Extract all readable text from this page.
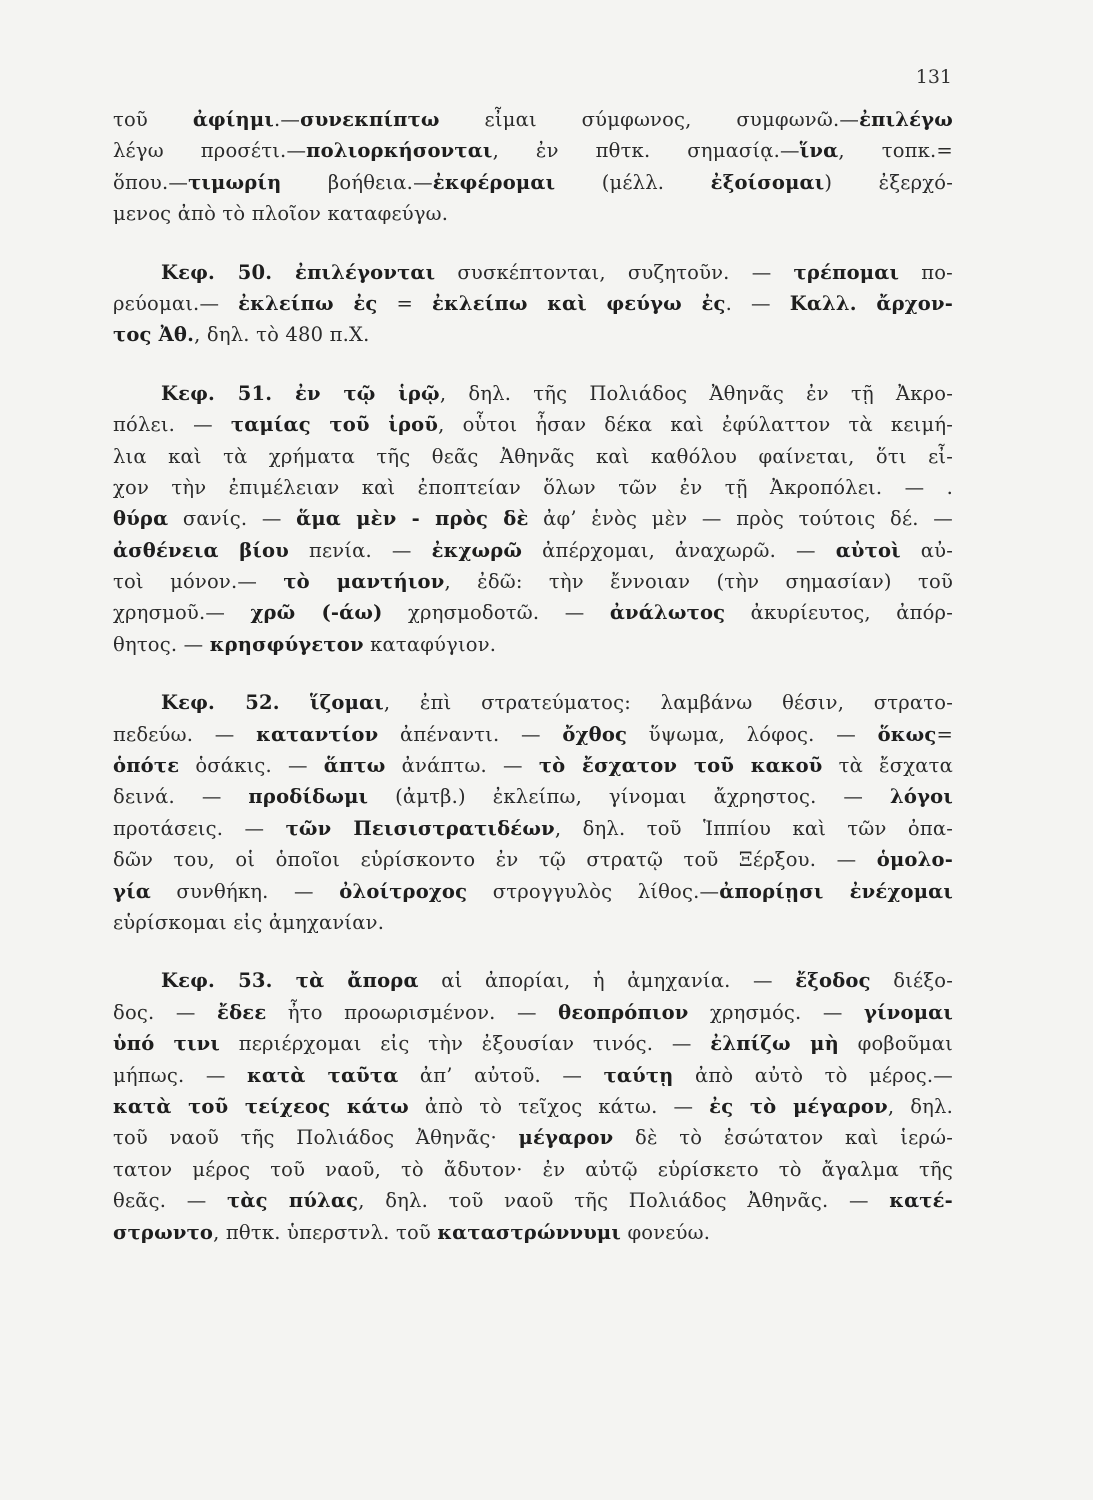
131
τοῦ ἀφίημι.—συνεκπίπτω εἶμαι σύμφωνος, συμφωνῶ.—ἐπιλέγω
λέγω προσέτι.—πολιορκήσονται, ἐν πθτκ. σημασίᾳ.—ἵνα, τοπκ.=
ὅπου.—τιμωρίη βοήθεια.—ἐκφέρομαι (μέλλ. ἐξοίσομαι) ἐξερχό-
μενος ἀπὸ τὸ πλοῖον καταφεύγω.
Κεφ. 50. ἐπιλέγονται συσκέπτονται, συζητοῦν. — τρέπομαι πο-
ρεύομαι.— ἐκλείπω ἐς = ἐκλείπω καὶ φεύγω ἐς. — Καλλ. ἄρχον-
τος Ἀθ., δηλ. τὸ 480 π.Χ.
Κεφ. 51. ἐν τῷ ἱρῷ, δηλ. τῆς Πολιάδος Ἀθηνᾶς ἐν τῇ Ἀκρο-
πόλει. — ταμίας τοῦ ἱροῦ, οὗτοι ἦσαν δέκα καὶ ἐφύλαττον τὰ κειμή-
λια καὶ τὰ χρήματα τῆς θεᾶς Ἀθηνᾶς καὶ καθόλου φαίνεται, ὅτι εἶ-
χον τὴν ἐπιμέλειαν καὶ ἐποπτείαν ὅλων τῶν ἐν τῇ Ἀκροπόλει. — .
θύρα σανίς. — ἅμα μὲν - πρὸς δὲ ἀφ’ ἑνὸς μὲν — πρὸς τούτοις δέ. —
ἀσθένεια βίου πενία. — ἐκχωρῶ ἀπέρχομαι, ἀναχωρῶ. — αὐτοὶ αὐ-
τοὶ μόνον.— τὸ μαντήιον, ἐδῶ: τὴν ἔννοιαν (τὴν σημασίαν) τοῦ
χρησμοῦ.— χρῶ (-άω) χρησμοδοτῶ. — ἀνάλωτος ἀκυρίευτος, ἀπόρ-
θητος. — κρησφύγετον καταφύγιον.
Κεφ. 52. ἵζομαι, ἐπὶ στρατεύματος: λαμβάνω θέσιν, στρατο-
πεδεύω. — καταντίον ἀπέναντι. — ὄχθος ὕψωμα, λόφος. — ὅκως=
ὁπότε ὁσάκις. — ἅπτω ἀνάπτω. — τὸ ἔσχατον τοῦ κακοῦ τὰ ἔσχατα
δεινά. — προδίδωμι (ἀμτβ.) ἐκλείπω, γίνομαι ἄχρηστος. — λόγοι
προτάσεις. — τῶν Πεισιστρατιδέων, δηλ. τοῦ Ἱππίου καὶ τῶν ὀπα-
δῶν του, οἱ ὁποῖοι εὑρίσκοντο ἐν τῷ στρατῷ τοῦ Ξέρξου. — ὁμολο-
γία συνθήκη. — ὀλοίτροχος στρογγυλὸς λίθος.—ἀπορίῃσι ἐνέχομαι
εὑρίσκομαι εἰς ἀμηχανίαν.
Κεφ. 53. τὰ ἄπορα αἱ ἀπορίαι, ἡ ἀμηχανία. — ἔξοδος διέξο-
δος. — ἔδεε ἦτο προωρισμένον. — θεοπρόπιον χρησμός. — γίνομαι
ὑπό τινι περιέρχομαι εἰς τὴν ἐξουσίαν τινός. — ἐλπίζω μὴ φοβοῦμαι
μήπως. — κατὰ ταῦτα ἀπ’ αὐτοῦ. — ταύτῃ ἀπὸ αὐτὸ τὸ μέρος.—
κατὰ τοῦ τείχεος κάτω ἀπὸ τὸ τεῖχος κάτω. — ἐς τὸ μέγαρον, δηλ.
τοῦ ναοῦ τῆς Πολιάδος Ἀθηνᾶς· μέγαρον δὲ τὸ ἐσώτατον καὶ ἱερώ-
τατον μέρος τοῦ ναοῦ, τὸ ἄδυτον· ἐν αὐτῷ εὑρίσκετο τὸ ἄγαλμα τῆς
θεᾶς. — τὰς πύλας, δηλ. τοῦ ναοῦ τῆς Πολιάδος Ἀθηνᾶς. — κατέ-
στρωντο, πθτκ. ὑπερστνλ. τοῦ καταστρώννυμι φονεύω.
